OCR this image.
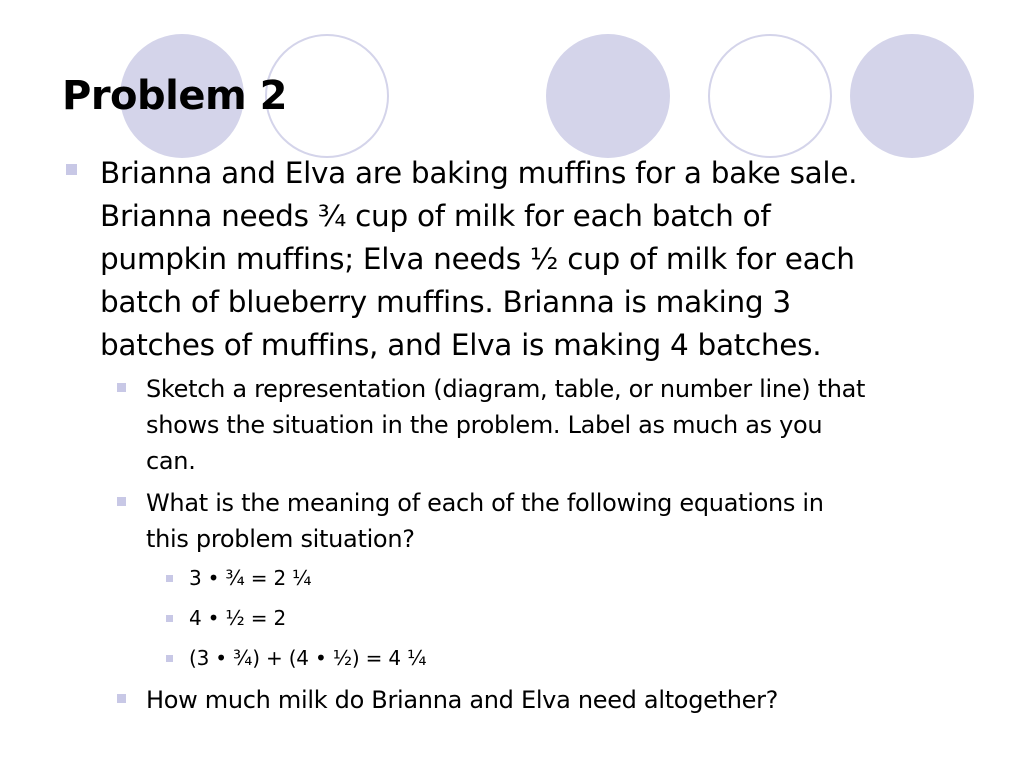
Problem 2
Brianna and Elva are baking muffins for a bake sale.
Brianna needs ¾ cup of milk for each batch of
pumpkin muffins; Elva needs ½ cup of milk for each
batch of blueberry muffins. Brianna is making 3
batches of muffins, and Elva is making 4 batches.
Sketch a representation (diagram, table, or number line) that
shows the situation in the problem. Label as much as you
can.
What is the meaning of each of the following equations in
this problem situation?
3 • ¾ = 2 ¼
4 • ½ = 2
(3 • ¾) + (4 • ½) = 4 ¼
How much milk do Brianna and Elva need altogether?
